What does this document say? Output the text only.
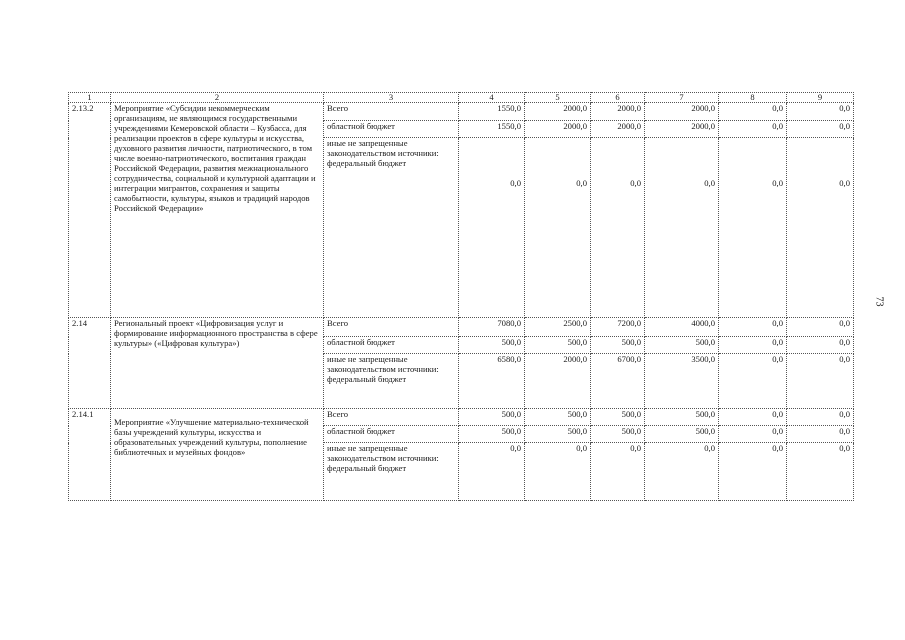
73
1	2	3	4	5	6	7	8	9
2.13.2	Мероприятие «Субсидии некоммерческим организациям, не являющимся государственными учреждениями Кемеровской области – Кузбасса, для реализации проектов в сфере культуры и искусства, духовного развития личности, патриотического, в том числе военно-патриотического, воспитания граждан Российской Федерации, развития межнационального сотрудничества, социальной и культурной адаптации и интеграции мигрантов, сохранения и защиты самобытности, культуры, языков и традиций народов Российской Федерации»	Всего	1550,0	2000,0	2000,0	2000,0	0,0	0,0
		областной бюджет	1550,0	2000,0	2000,0	2000,0	0,0	0,0
		иные не запрещенные законодательством источники: федеральный бюджет	0,0	0,0	0,0	0,0	0,0	0,0
2.14	Региональный проект «Цифровизация услуг и формирование информационного пространства в сфере культуры» («Цифровая культура»)	Всего	7080,0	2500,0	7200,0	4000,0	0,0	0,0
		областной бюджет	500,0	500,0	500,0	500,0	0,0	0,0
		иные не запрещенные законодательством источники: федеральный бюджет	6580,0	2000,0	6700,0	3500,0	0,0	0,0
2.14.1	Мероприятие «Улучшение материально-технической базы учреждений культуры, искусства и образовательных учреждений культуры, пополнение библиотечных и музейных фондов»	Всего	500,0	500,0	500,0	500,0	0,0	0,0
		областной бюджет	500,0	500,0	500,0	500,0	0,0	0,0
		иные не запрещенные законодательством источники: федеральный бюджет	0,0	0,0	0,0	0,0	0,0	0,0
